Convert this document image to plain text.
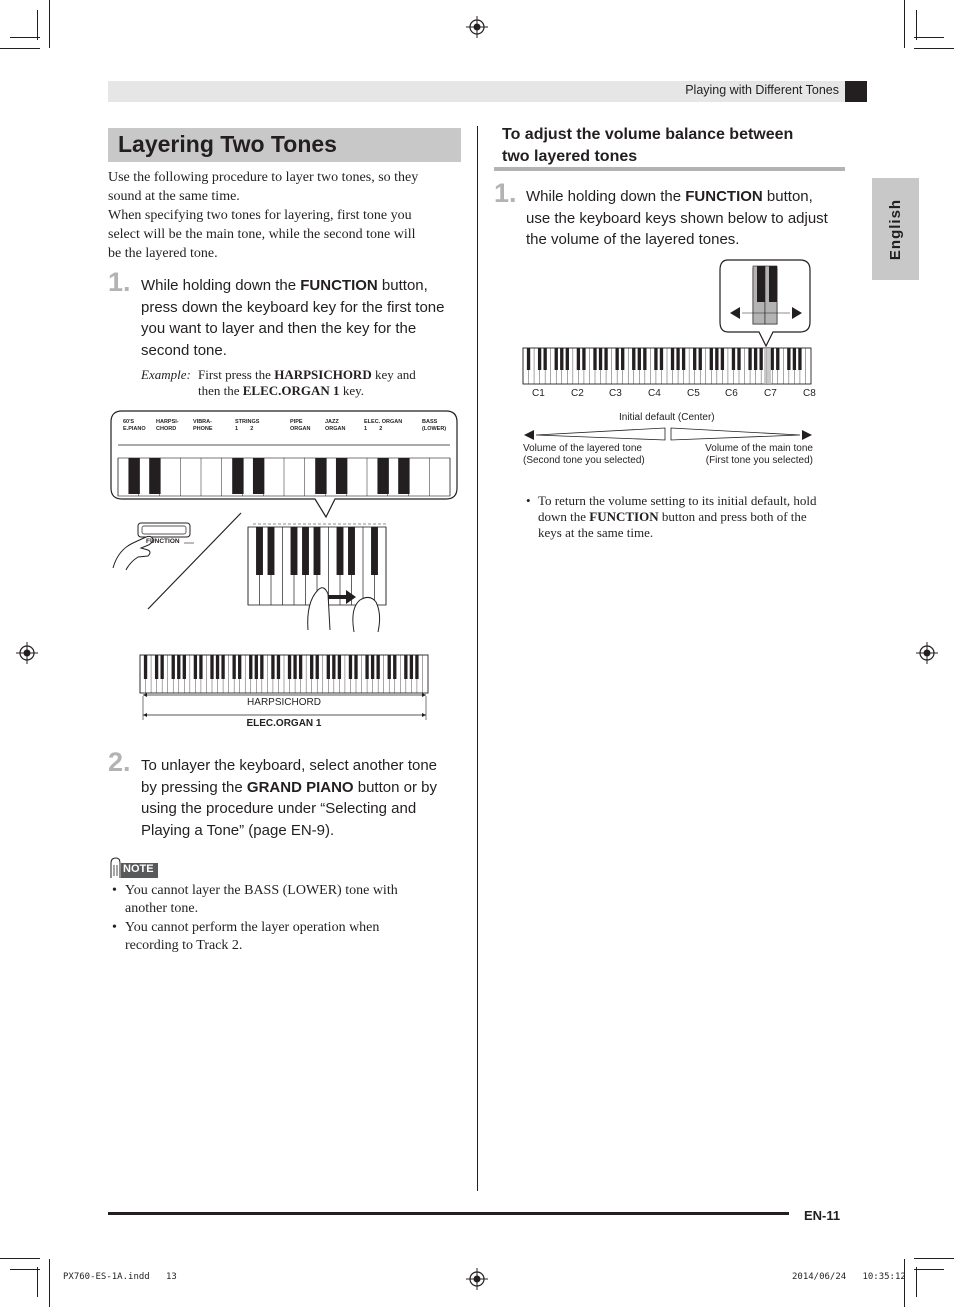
Playing with Different Tones
English
Layering Two Tones
Use the following procedure to layer two tones, so they
sound at the same time.
When specifying two tones for layering, first tone you
select will be the main tone, while the second tone will
be the layered tone.
1. While holding down the FUNCTION button,
press down the keyboard key for the first tone
you want to layer and then the key for the
second tone.
Example: First press the HARPSICHORD key and
then the ELEC.ORGAN 1 key.
60'S
E.PIANO
HARPSI-
CHORD
VIBRA-
PHONE
STRINGS
1        2
PIPE
ORGAN
JAZZ
ORGAN
ELEC. ORGAN
1        2
BASS
(LOWER)
FUNCTION
HARPSICHORD
ELEC.ORGAN 1
2. To unlayer the keyboard, select another tone
by pressing the GRAND PIANO button or by
using the procedure under “Selecting and
Playing a Tone” (page EN-9).
NOTE
• You cannot layer the BASS (LOWER) tone with
another tone.
• You cannot perform the layer operation when
recording to Track 2.
To adjust the volume balance between
two layered tones
1. While holding down the FUNCTION button,
use the keyboard keys shown below to adjust
the volume of the layered tones.
C1	C2	C3	C4	C5	C6	C7	C8
Initial default (Center)
Volume of the layered tone
(Second tone you selected)
Volume of the main tone
(First tone you selected)
• To return the volume setting to its initial default, hold
down the FUNCTION button and press both of the
keys at the same time.
EN-11
PX760-ES-1A.indd   13	2014/06/24   10:35:12
